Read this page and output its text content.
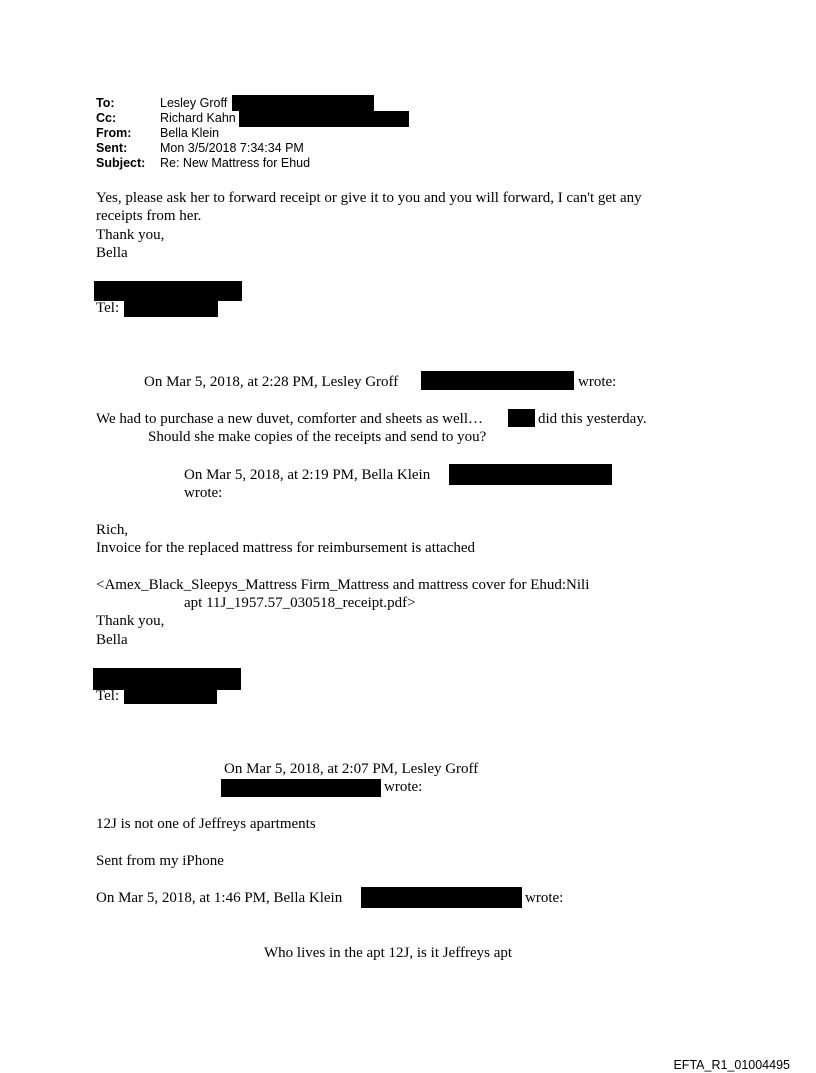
To:	Lesley Groff
Cc:	Richard Kahn
From: Bella Klein
Sent:	Mon 3/5/2018 7:34:34 PM
Subject: Re: New Mattress for Ehud
Yes, please ask her to forward receipt or give it to you and you will forward, I can't get any
receipts from her.
Thank you,
Bella
Tel:
On Mar 5, 2018, at 2:28 PM, Lesley Groff	wrote:
We had to purchase a new duvet, comforter and sheets as well…	did this yesterday.
Should she make copies of the receipts and send to you?
On Mar 5, 2018, at 2:19 PM, Bella Klein
wrote:
Rich,
Invoice for the replaced mattress for reimbursement is attached
<Amex_Black_Sleepys_Mattress Firm_Mattress and mattress cover for Ehud:Nili
apt 11J_1957.57_030518_receipt.pdf>
Thank you,
Bella
Tel:
On Mar 5, 2018, at 2:07 PM, Lesley Groff
wrote:
12J is not one of Jeffreys apartments
Sent from my iPhone
On Mar 5, 2018, at 1:46 PM, Bella Klein	wrote:
Who lives in the apt 12J, is it Jeffreys apt
EFTA_R1_01004495
